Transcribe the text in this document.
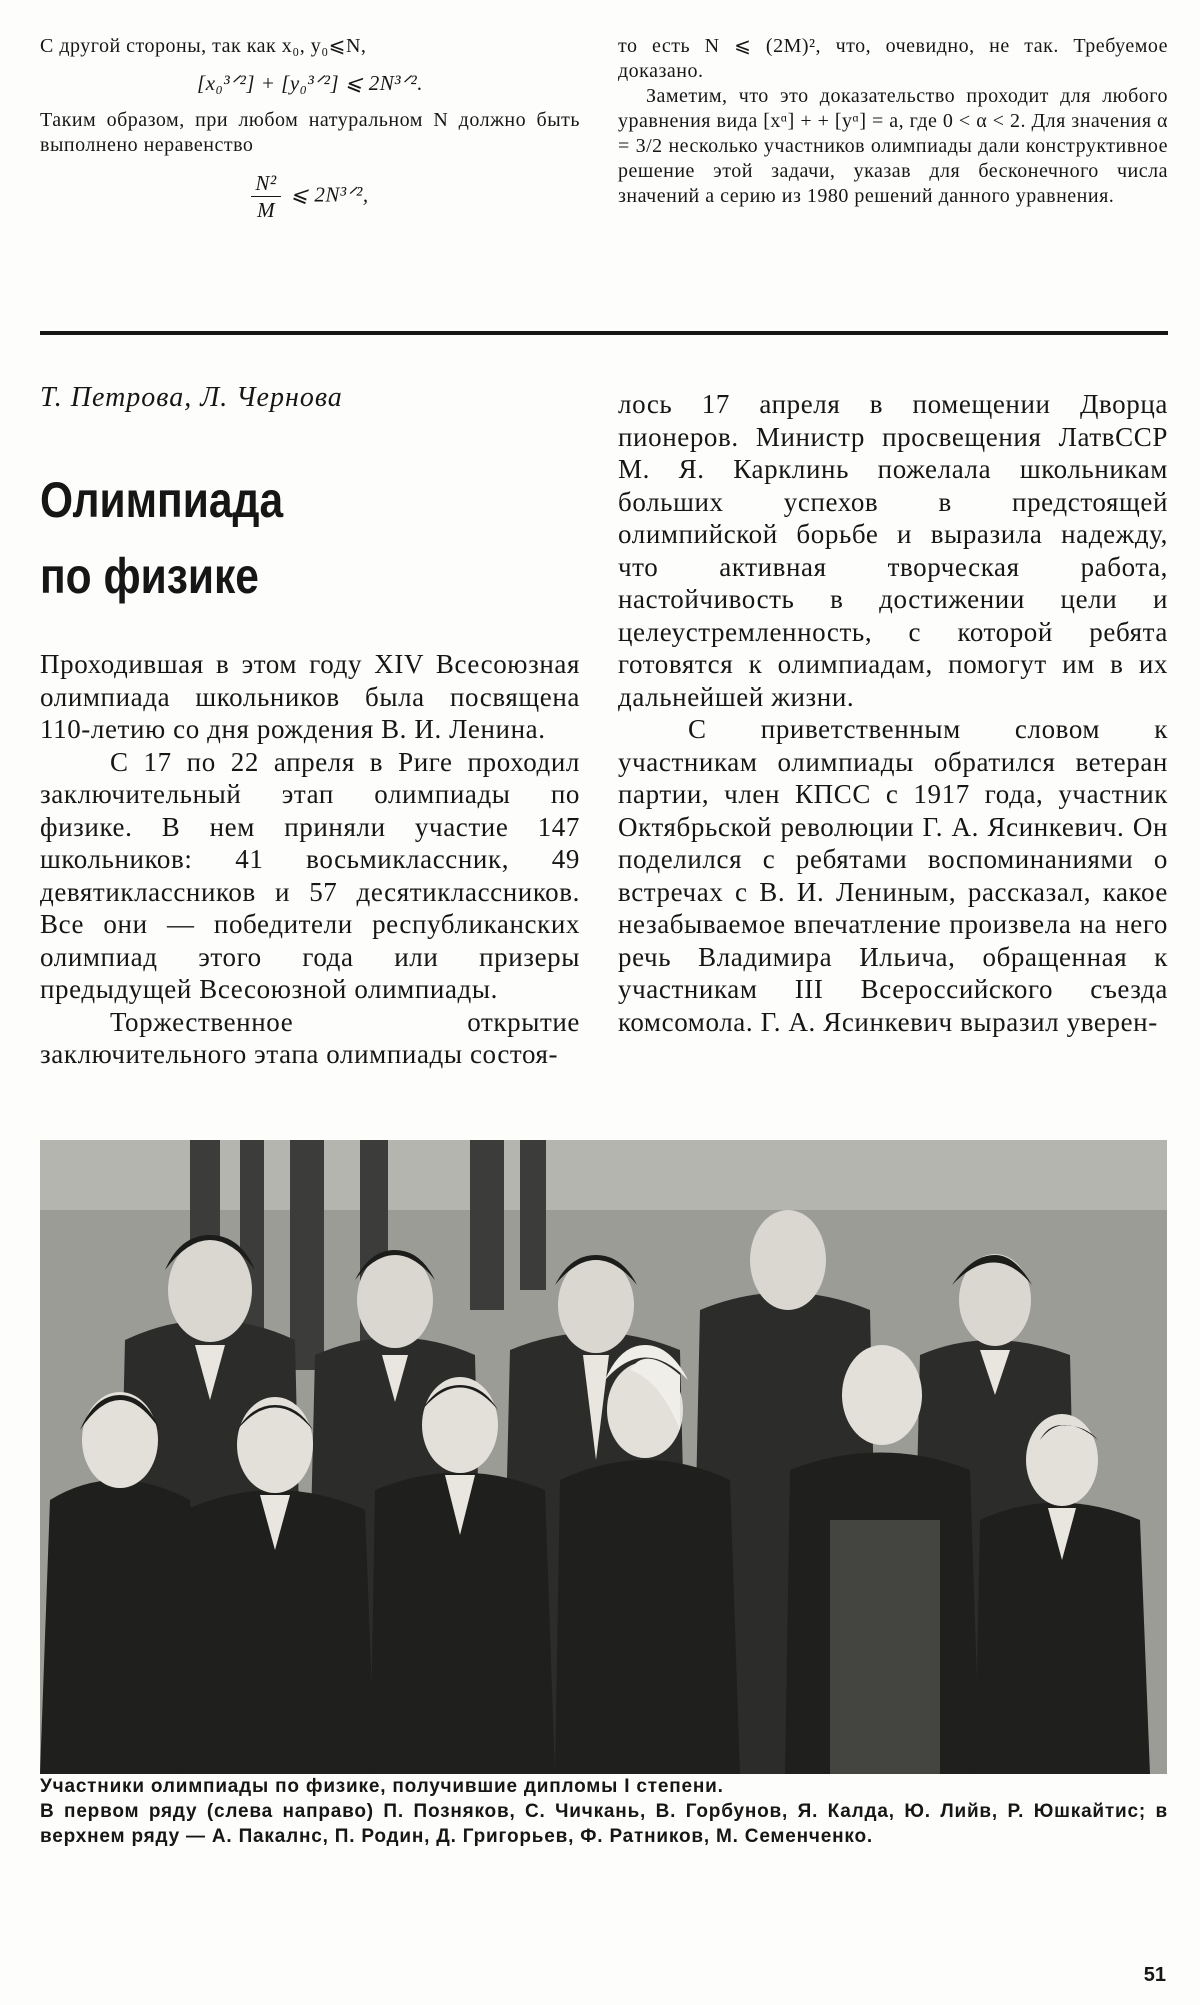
С другой стороны, так как x₀, y₀⩽N,

[x₀³ᐟ²] + [y₀³ᐟ²] ⩽ 2N³ᐟ².

Таким образом, при любом натуральном N должно быть выполнено неравенство

$\frac{\text{N²}}{M}$ ⩽ 2N³ᐟ²,

то есть N ⩽ (2M)², что, очевидно, не так. Требуемое доказано.

Заметим, что это доказательство проходит для любого уравнения вида [xᵅ] + + [yᵅ] = a, где 0 < α < 2. Для значения α = 3/2 несколько участников олимпиады дали конструктивное решение этой задачи, указав для бесконечного числа значений a серию из 1980 решений данного уравнения.

Т. Петрова, Л. Чернова
Олимпиада
по физике

Проходившая в этом году XIV Всесоюзная олимпиада школьников была посвящена 110-летию со дня рождения В. И. Ленина.

С 17 по 22 апреля в Риге проходил заключительный этап олимпиады по физике. В нем приняли участие 147 школьников: 41 восьмиклассник, 49 девятиклассников и 57 десятиклассников. Все они — победители республиканских олимпиад этого года или призеры предыдущей Всесоюзной олимпиады.

Торжественное открытие заключительного этапа олимпиады состоя-

лось 17 апреля в помещении Дворца пионеров. Министр просвещения ЛатвССР М. Я. Карклинь пожелала школьникам больших успехов в предстоящей олимпийской борьбе и выразила надежду, что активная творческая работа, настойчивость в достижении цели и целеустремленность, с которой ребята готовятся к олимпиадам, помогут им в их дальнейшей жизни.

С приветственным словом к участникам олимпиады обратился ветеран партии, член КПСС с 1917 года, участник Октябрьской революции Г. А. Ясинкевич. Он поделился с ребятами воспоминаниями о встречах с В. И. Лениным, рассказал, какое незабываемое впечатление произвела на него речь Владимира Ильича, обращенная к участникам III Всероссийского съезда комсомола. Г. А. Ясинкевич выразил уверен-

Участники олимпиады по физике, получившие дипломы I степени.

В первом ряду (слева направо) П. Позняков, С. Чичкань, В. Горбунов, Я. Калда, Ю. Лийв, Р. Юшкайтис; в верхнем ряду — А. Пакалнс, П. Родин, Д. Григорьев, Ф. Ратников, М. Семенченко.

51
